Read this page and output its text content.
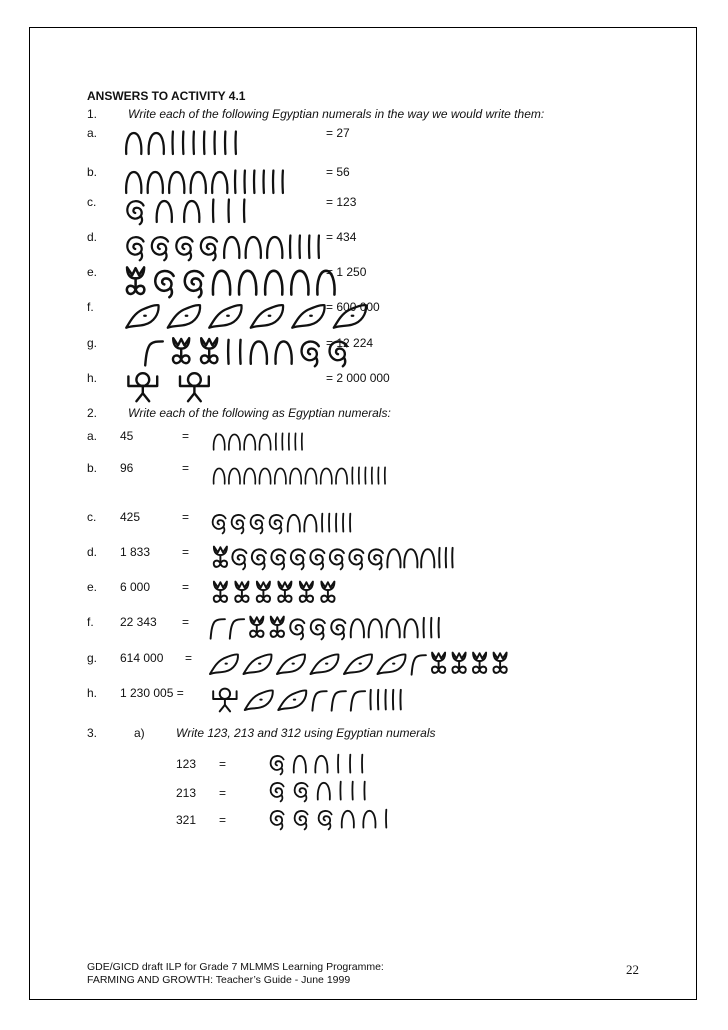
ANSWERS TO ACTIVITY 4.1
1.	Write each of the following Egyptian numerals in the way we would write them:
a.	= 27
b.	= 56
c.	= 123
d.	= 434
e.	= 1 250
f.	= 600 000
g.	= 12 224
h.	= 2 000 000
2.	Write each of the following as Egyptian numerals:
a. 45	=
b. 96	=
c. 425	=
d. 1 833	=
e. 6 000	=
f. 22 343 =
g. 614 000 =
h. 1 230 005 =
3.	a)	Write 123, 213 and 312 using Egyptian numerals
123 =
213 =
321 =
GDE/GICD draft ILP for Grade 7 MLMMS Learning Programme:
FARMING AND GROWTH: Teacher’s Guide - June 1999
22
